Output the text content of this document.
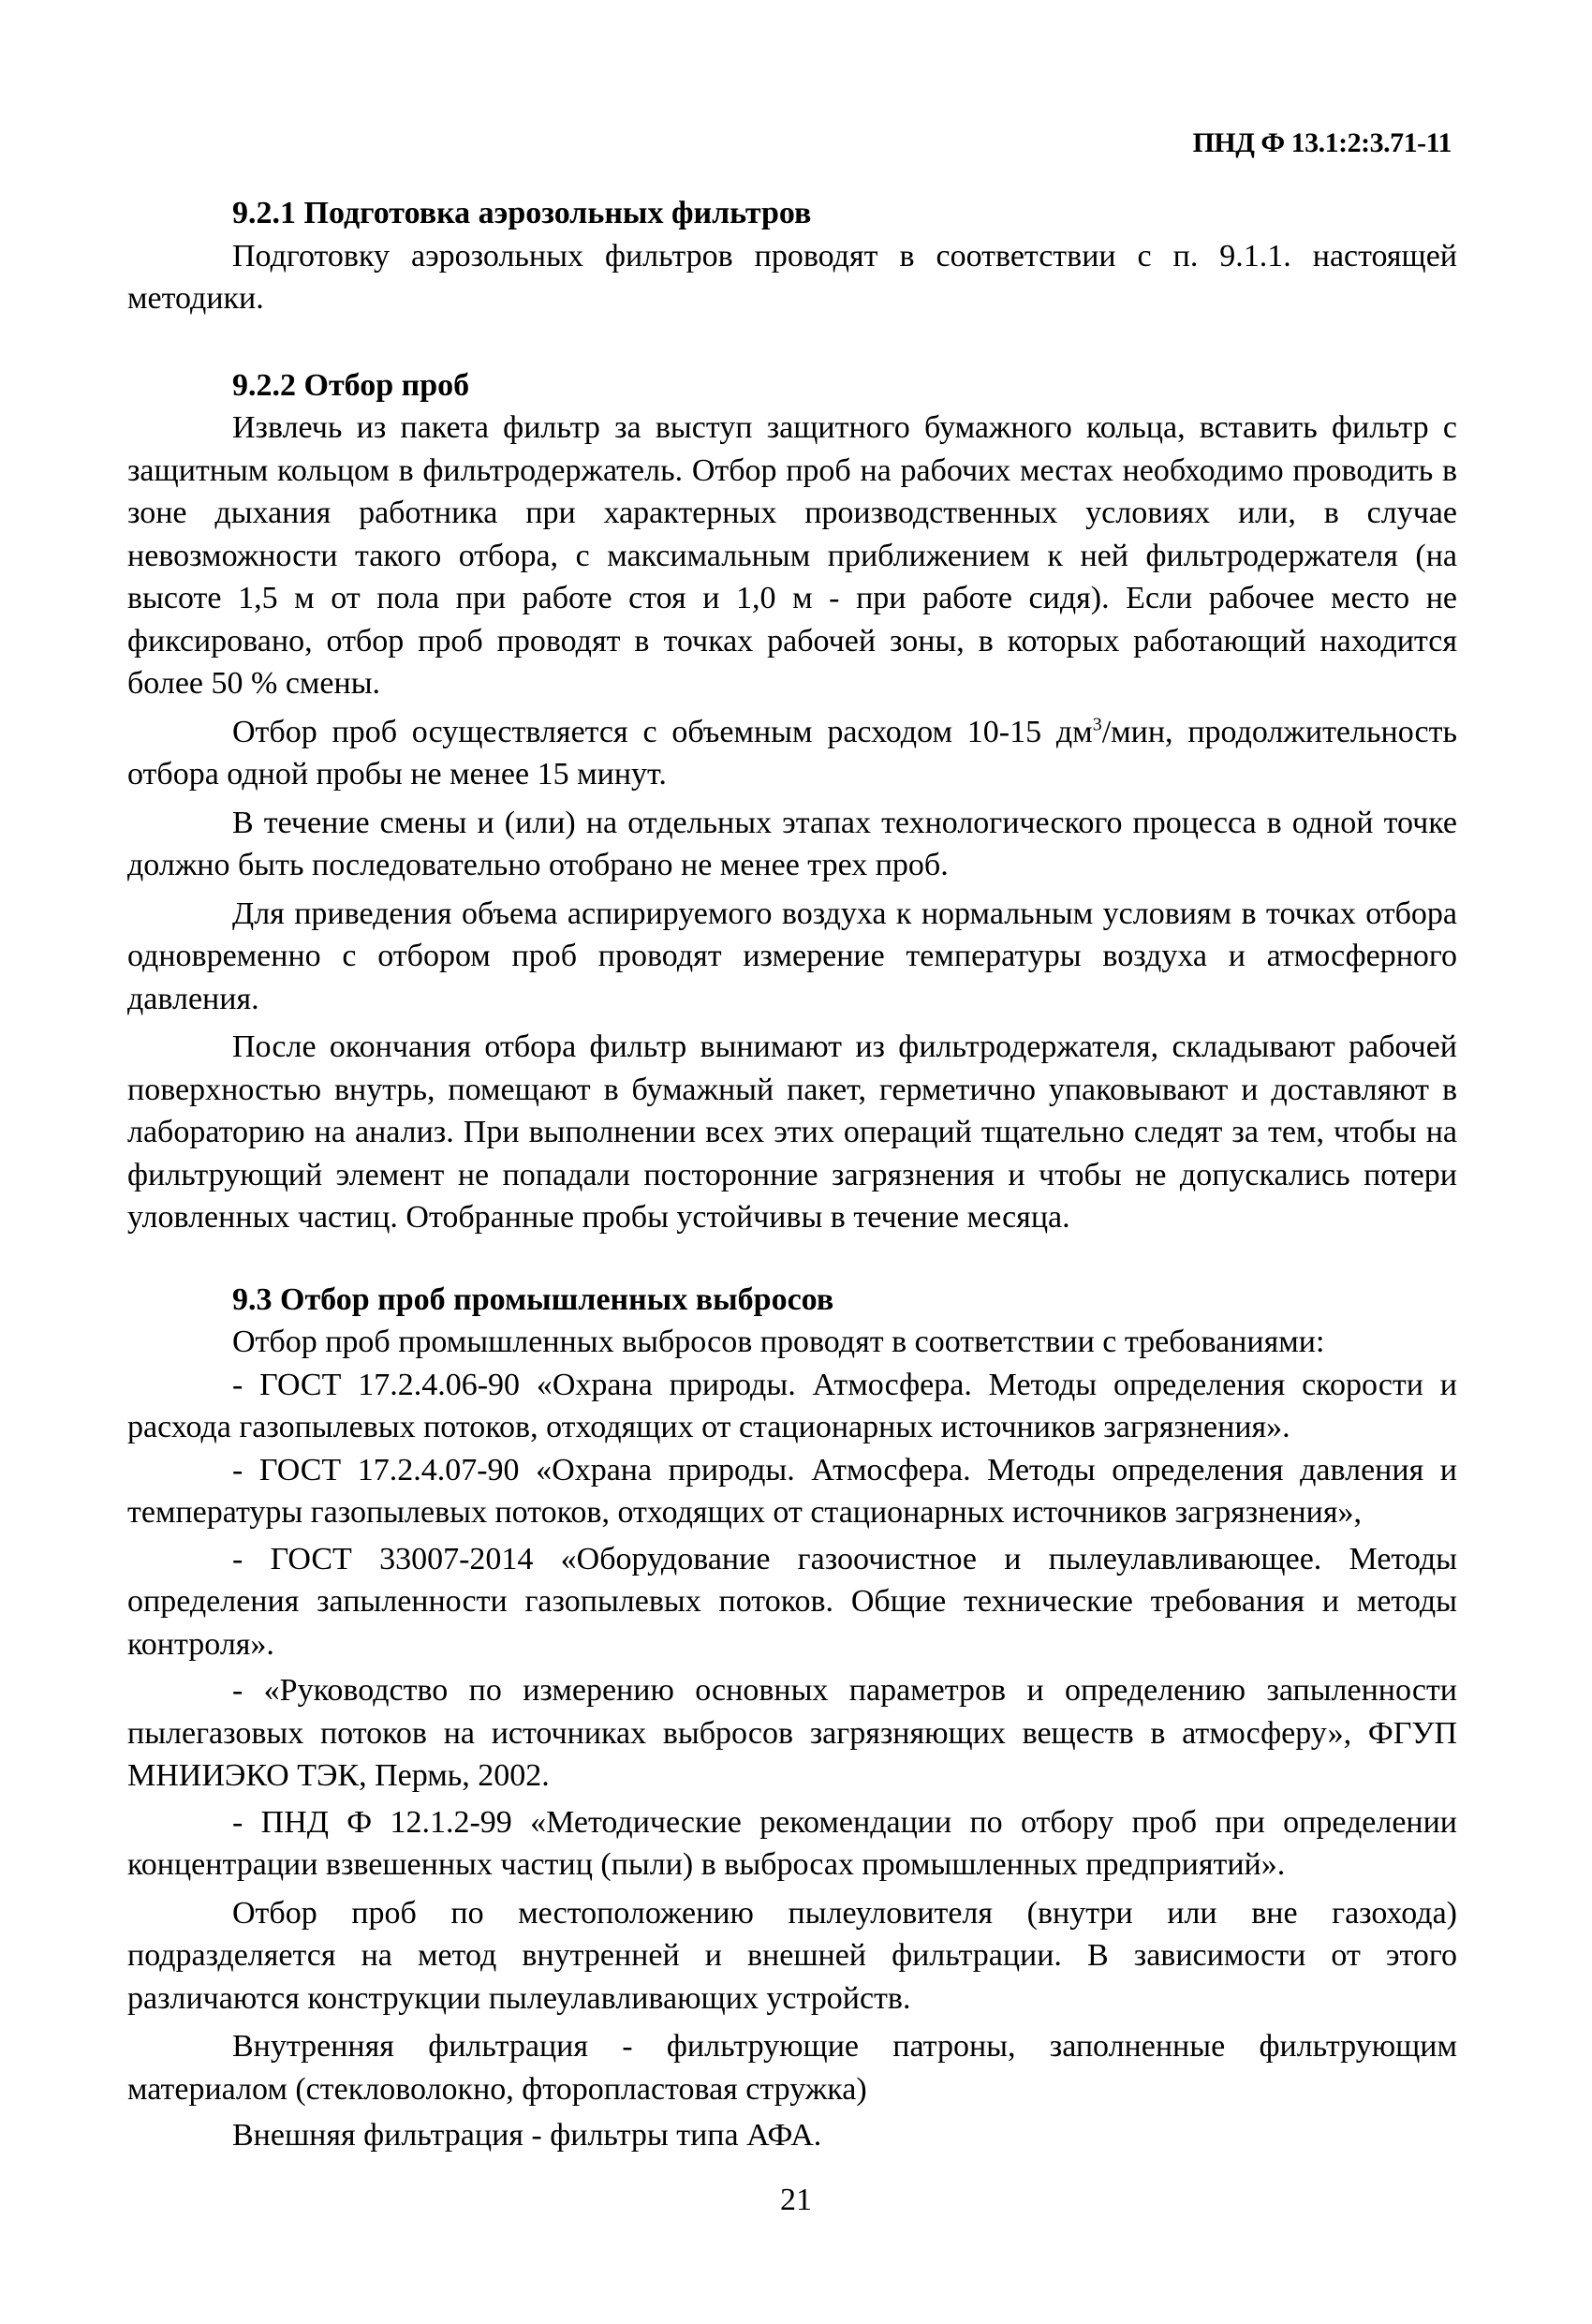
ПНД Ф 13.1:2:3.71-11

9.2.1 Подготовка аэрозольных фильтров

Подготовку аэрозольных фильтров проводят в соответствии с п. 9.1.1. настоящей методики.

9.2.2 Отбор проб

Извлечь из пакета фильтр за выступ защитного бумажного кольца, вставить фильтр с защитным кольцом в фильтродержатель. Отбор проб на рабочих местах необходимо проводить в зоне дыхания работника при характерных производственных условиях или, в случае невозможности такого отбора, с максимальным приближением к ней фильтродержателя (на высоте 1,5 м от пола при работе стоя и 1,0 м - при работе сидя). Если рабочее место не фиксировано, отбор проб проводят в точках рабочей зоны, в которых работающий находится более 50 % смены.

Отбор проб осуществляется с объемным расходом 10-15 $дм^3$/мин, продолжительность отбора одной пробы не менее 15 минут.

В течение смены и (или) на отдельных этапах технологического процесса в одной точке должно быть последовательно отобрано не менее трех проб.

Для приведения объема аспирируемого воздуха к нормальным условиям в точках отбора одновременно с отбором проб проводят измерение температуры воздуха и атмосферного давления.

После окончания отбора фильтр вынимают из фильтродержателя, складывают рабочей поверхностью внутрь, помещают в бумажный пакет, герметично упаковывают и доставляют в лабораторию на анализ. При выполнении всех этих операций тщательно следят за тем, чтобы на фильтрующий элемент не попадали посторонние загрязнения и чтобы не допускались потери уловленных частиц. Отобранные пробы устойчивы в течение месяца.

9.3 Отбор проб промышленных выбросов

Отбор проб промышленных выбросов проводят в соответствии с требованиями:

- ГОСТ 17.2.4.06-90 «Охрана природы. Атмосфера. Методы определения скорости и расхода газопылевых потоков, отходящих от стационарных источников загрязнения».

- ГОСТ 17.2.4.07-90 «Охрана природы. Атмосфера. Методы определения давления и температуры газопылевых потоков, отходящих от стационарных источников загрязнения»,

- ГОСТ 33007-2014 «Оборудование газоочистное и пылеулавливающее. Методы определения запыленности газопылевых потоков. Общие технические требования и методы контроля».

- «Руководство по измерению основных параметров и определению запыленности пылегазовых потоков на источниках выбросов загрязняющих веществ в атмосферу», ФГУП МНИИЭКО ТЭК, Пермь, 2002.

- ПНД Ф 12.1.2-99 «Методические рекомендации по отбору проб при определении концентрации взвешенных частиц (пыли) в выбросах промышленных предприятий».

Отбор проб по местоположению пылеуловителя (внутри или вне газохода) подразделяется на метод внутренней и внешней фильтрации. В зависимости от этого различаются конструкции пылеулавливающих устройств.

Внутренняя фильтрация - фильтрующие патроны, заполненные фильтрующим материалом (стекловолокно, фторопластовая стружка)

Внешняя фильтрация - фильтры типа АФА.

21
